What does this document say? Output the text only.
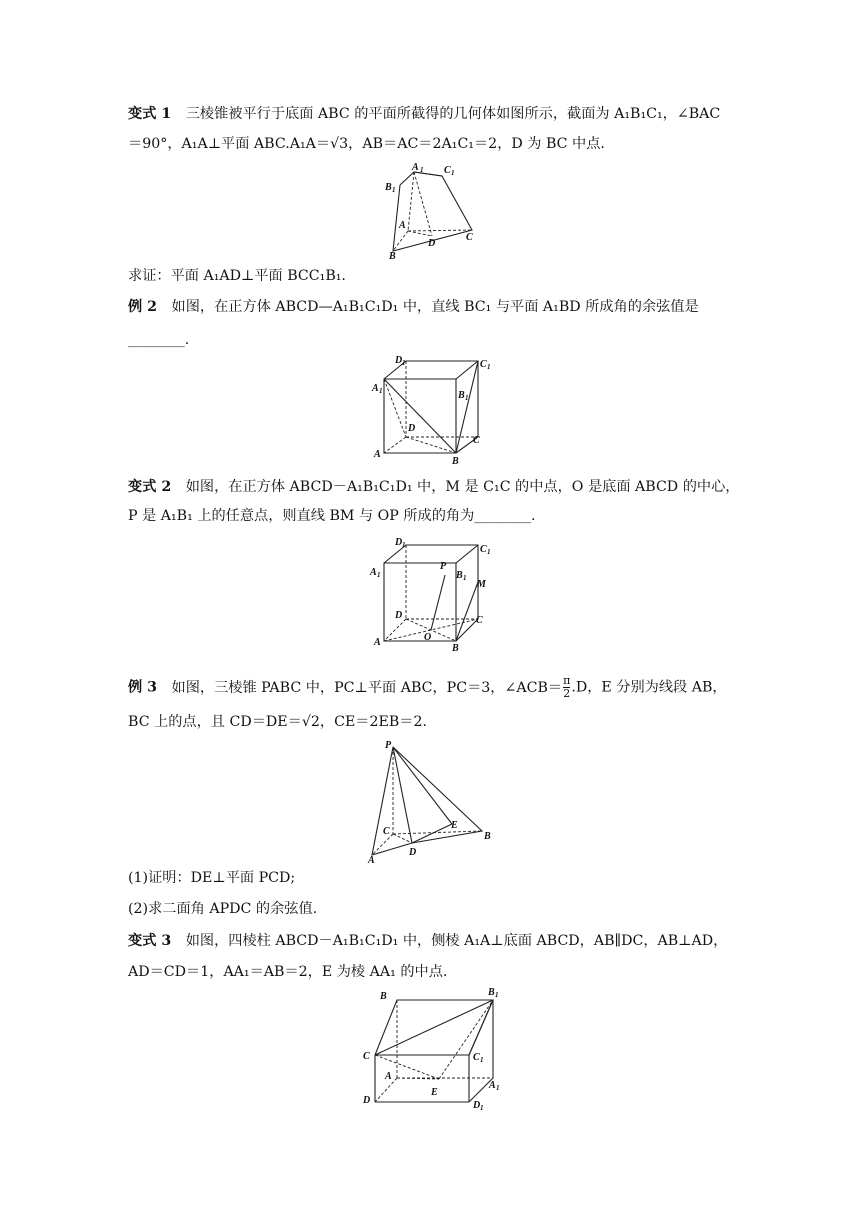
变式 1 三棱锥被平行于底面 ABC 的平面所截得的几何体如图所示，截面为 A₁B₁C₁，∠BAC
＝90°，A₁A⊥平面 ABC.A₁A＝√3，AB＝AC＝2A₁C₁＝2，D 为 BC 中点．
A 1 C 1
B 1
A
D
C
B
求证：平面 A₁AD⊥平面 BCC₁B₁.
例 2 如图，在正方体 ABCD—A₁B₁C₁D₁ 中，直线 BC₁ 与平面 A₁BD 所成角的余弦值是
________.
D 1	C 1
A 1	B 1
D
C
A
B
变式 2 如图，在正方体 ABCD－A₁B₁C₁D₁ 中，M 是 C₁C 的中点，O 是底面 ABCD 的中心，
P 是 A₁B₁ 上的任意点，则直线 BM 与 OP 所成的角为________.
D 1	C 1
A 1
P
B 1
M
D	C
O
A
B
例 3 如图，三棱锥 PABC 中，PC⊥平面 ABC，PC＝3，∠ACB＝ $\frac{\pi}{2} .D$，E 分别为线段 AB，
BC 上的点，且 CD＝DE＝√2，CE＝2EB＝2.
P
C
E
B
D
A
(1)证明：DE⊥平面 PCD;
(2)求二面角 APDC 的余弦值.
变式 3 如图，四棱柱 ABCD－A₁B₁C₁D₁ 中，侧棱 A₁A⊥底面 ABCD，AB∥DC，AB⊥AD，
AD＝CD＝1，AA₁＝AB＝2，E 为棱 AA₁ 的中点.
B	B 1
C	C 1
A
E
A 1
D	D 1
